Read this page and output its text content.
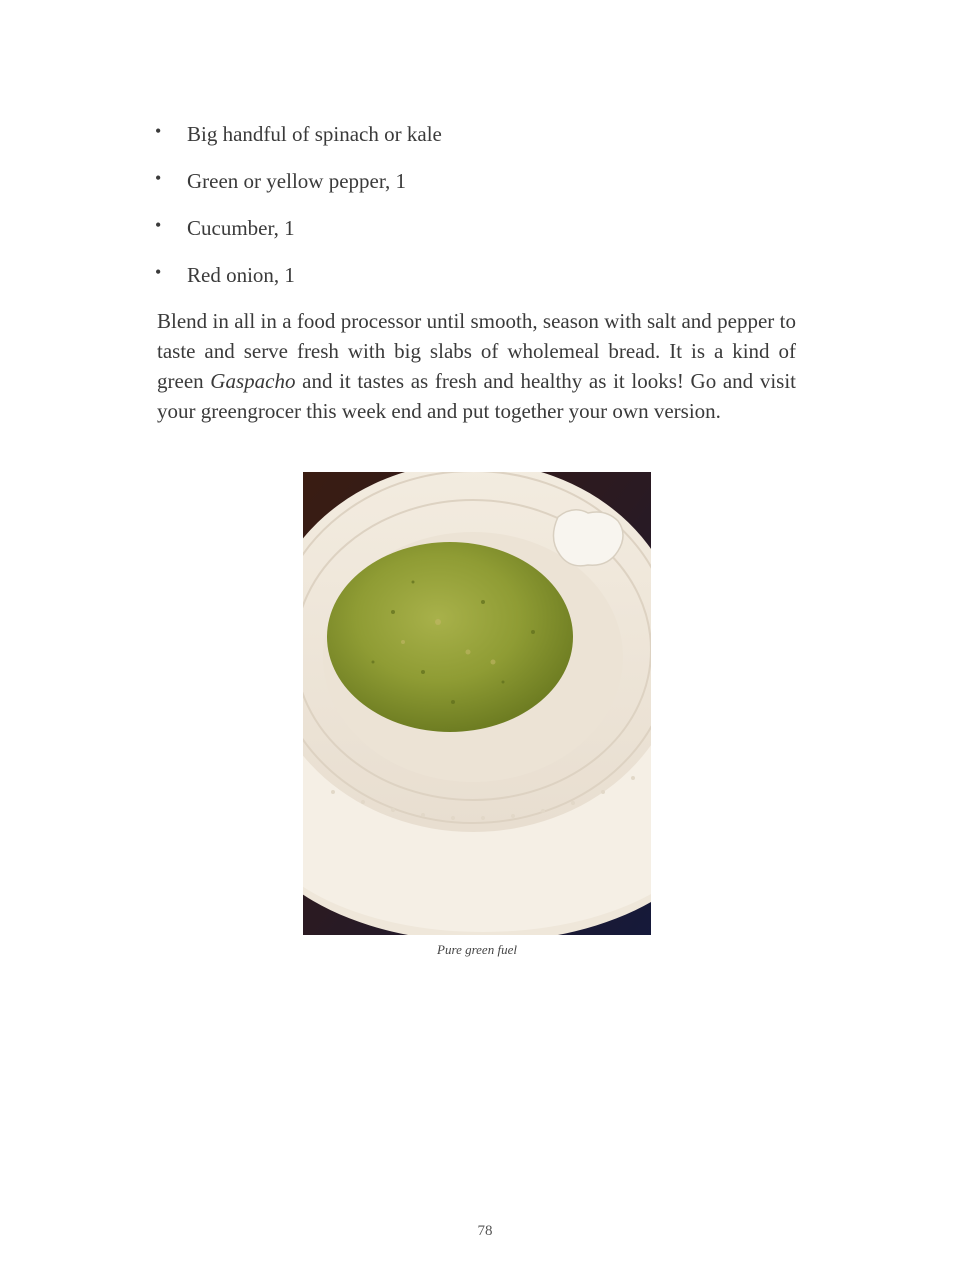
• Big handful of spinach or kale
• Green or yellow pepper, 1
• Cucumber, 1
• Red onion, 1

Blend in all in a food processor until smooth, season with salt and pepper to taste and serve fresh with big slabs of wholemeal bread. It is a kind of green Gaspacho and it tastes as fresh and healthy as it looks! Go and visit your greengrocer this week end and put together your own version.

Pure green fuel
78
